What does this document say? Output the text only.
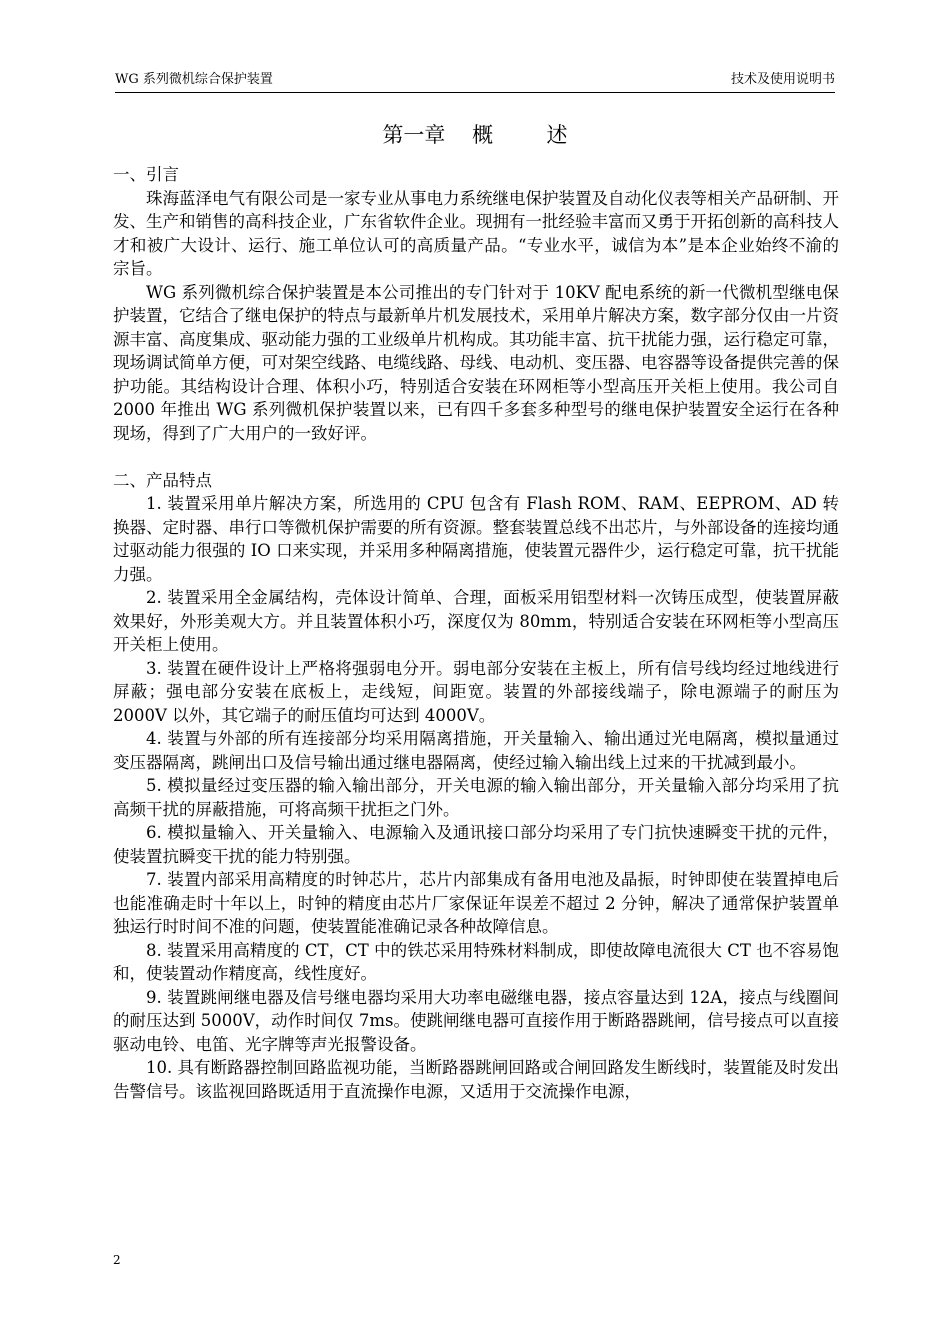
WG 系列微机综合保护装置	技术及使用说明书
第一章    概        述
一、引言

珠海蓝泽电气有限公司是一家专业从事电力系统继电保护装置及自动化仪表等相关产品研制、开发、生产和销售的高科技企业，广东省软件企业。现拥有一批经验丰富而又勇于开拓创新的高科技人才和被广大设计、运行、施工单位认可的高质量产品。“专业水平，诚信为本”是本企业始终不渝的宗旨。

WG 系列微机综合保护装置是本公司推出的专门针对于 10KV 配电系统的新一代微机型继电保护装置，它结合了继电保护的特点与最新单片机发展技术，采用单片解决方案，数字部分仅由一片资源丰富、高度集成、驱动能力强的工业级单片机构成。其功能丰富、抗干扰能力强，运行稳定可靠，现场调试简单方便，可对架空线路、电缆线路、母线、电动机、变压器、电容器等设备提供完善的保护功能。其结构设计合理、体积小巧，特别适合安装在环网柜等小型高压开关柜上使用。我公司自 2000 年推出 WG 系列微机保护装置以来，已有四千多套多种型号的继电保护装置安全运行在各种现场，得到了广大用户的一致好评。

二、产品特点

1. 装置采用单片解决方案，所选用的 CPU 包含有 Flash ROM、RAM、EEPROM、AD 转换器、定时器、串行口等微机保护需要的所有资源。整套装置总线不出芯片，与外部设备的连接均通过驱动能力很强的 IO 口来实现，并采用多种隔离措施，使装置元器件少，运行稳定可靠，抗干扰能力强。

2. 装置采用全金属结构，壳体设计简单、合理，面板采用铝型材料一次铸压成型，使装置屏蔽效果好，外形美观大方。并且装置体积小巧，深度仅为 80mm，特别适合安装在环网柜等小型高压开关柜上使用。

3. 装置在硬件设计上严格将强弱电分开。弱电部分安装在主板上，所有信号线均经过地线进行屏蔽；强电部分安装在底板上，走线短，间距宽。装置的外部接线端子，除电源端子的耐压为 2000V 以外，其它端子的耐压值均可达到 4000V。

4. 装置与外部的所有连接部分均采用隔离措施，开关量输入、输出通过光电隔离，模拟量通过变压器隔离，跳闸出口及信号输出通过继电器隔离，使经过输入输出线上过来的干扰减到最小。

5. 模拟量经过变压器的输入输出部分，开关电源的输入输出部分，开关量输入部分均采用了抗高频干扰的屏蔽措施，可将高频干扰拒之门外。

6. 模拟量输入、开关量输入、电源输入及通讯接口部分均采用了专门抗快速瞬变干扰的元件，使装置抗瞬变干扰的能力特别强。

7. 装置内部采用高精度的时钟芯片，芯片内部集成有备用电池及晶振，时钟即使在装置掉电后也能准确走时十年以上，时钟的精度由芯片厂家保证年误差不超过 2 分钟，解决了通常保护装置单独运行时时间不准的问题，使装置能准确记录各种故障信息。

8. 装置采用高精度的 CT，CT 中的铁芯采用特殊材料制成，即使故障电流很大 CT 也不容易饱和，使装置动作精度高，线性度好。

9. 装置跳闸继电器及信号继电器均采用大功率电磁继电器，接点容量达到 12A，接点与线圈间的耐压达到 5000V，动作时间仅 7ms。使跳闸继电器可直接作用于断路器跳闸，信号接点可以直接驱动电铃、电笛、光字牌等声光报警设备。

10. 具有断路器控制回路监视功能，当断路器跳闸回路或合闸回路发生断线时，装置能及时发出告警信号。该监视回路既适用于直流操作电源，又适用于交流操作电源，

2
